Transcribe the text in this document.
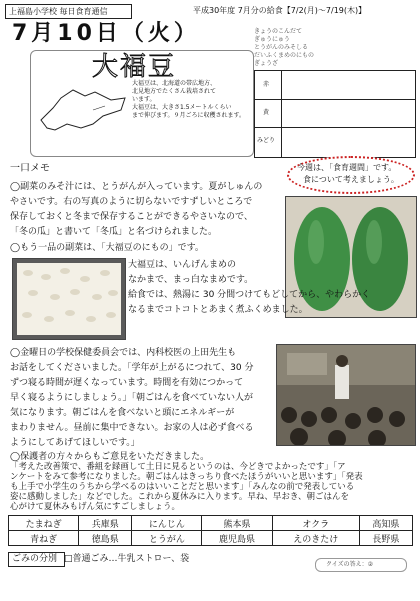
上福島小学校 毎日食育通信	平成30年度 7月分の給食【7/2(月)〜7/19(木)】
7月10日（火）
大福豆
大福豆は、北海道の帯広地方、
北見地方でたくさん栽培されて
います。
大福豆は、大きさ1.5メートルくらい
まで伸びます。９月ごろに収穫されます。
きょうのこんだて
ぎゅうにゅう
とうがんのみそしる
だいふくまめのにもの
ぎょうざ
赤
黄
みどり
今週は、「食育週間」です。
食について考えましょう。
一口メモ
◯副菜のみそ汁には、とうがんが入っています。夏がしゅんの
やさいです。右の写真のように切らないですずしいところで
保存しておくと冬まで保存することができるやさいなので、
「冬の瓜」と書いて「冬瓜」と名づけられました。
◯もう一品の副菜は、「大福豆のにもの」です。
大福豆は、いんげんまめの
なかまで、まっ白なまめです。
給食では、熱湯に 30 分間つけてもどしてから、やわらかく
なるまでコトコトとあまく煮ふくめました。
◯金曜日の学校保健委員会では、内科校医の上田先生も
お話をしてくださいました。「学年が上がるにつれて、30 分
ずつ寝る時間が遅くなっています。時間を有効につかって
早く寝るようにしましょう。」「朝ごはんを食べていない人が
気になります。朝ごはんを食べないと頭にエネルギーが
まわりません。昼前に集中できない。お家の人は必ず食べる
ようにしてあげてほしいです。」
◯保護者の方々からもご意見をいただきました。
「考えた改善策で、番組を録画して土日に見るというのは、今どきでよかったです」「ア
ンケートをみて参考になりました。朝ごはんはきっちり食べたほうがいいと思います」「発表
も上手で小学生のうちから学べるのはいいことだと思います」「みんなの前で発表している
姿に感動しました」などでした。これから夏休みに入ります。早ね、早おき、朝ごはんを
心がけて夏休みもげん気にすごしましょう。
たまねぎ	兵庫県	にんじん	熊本県	オクラ	高知県
青ねぎ	徳島県	とうがん	鹿児島県	えのきたけ	長野県
ごみの分別 □普通ごみ…牛乳ストロー、袋
クイズの答え：②
